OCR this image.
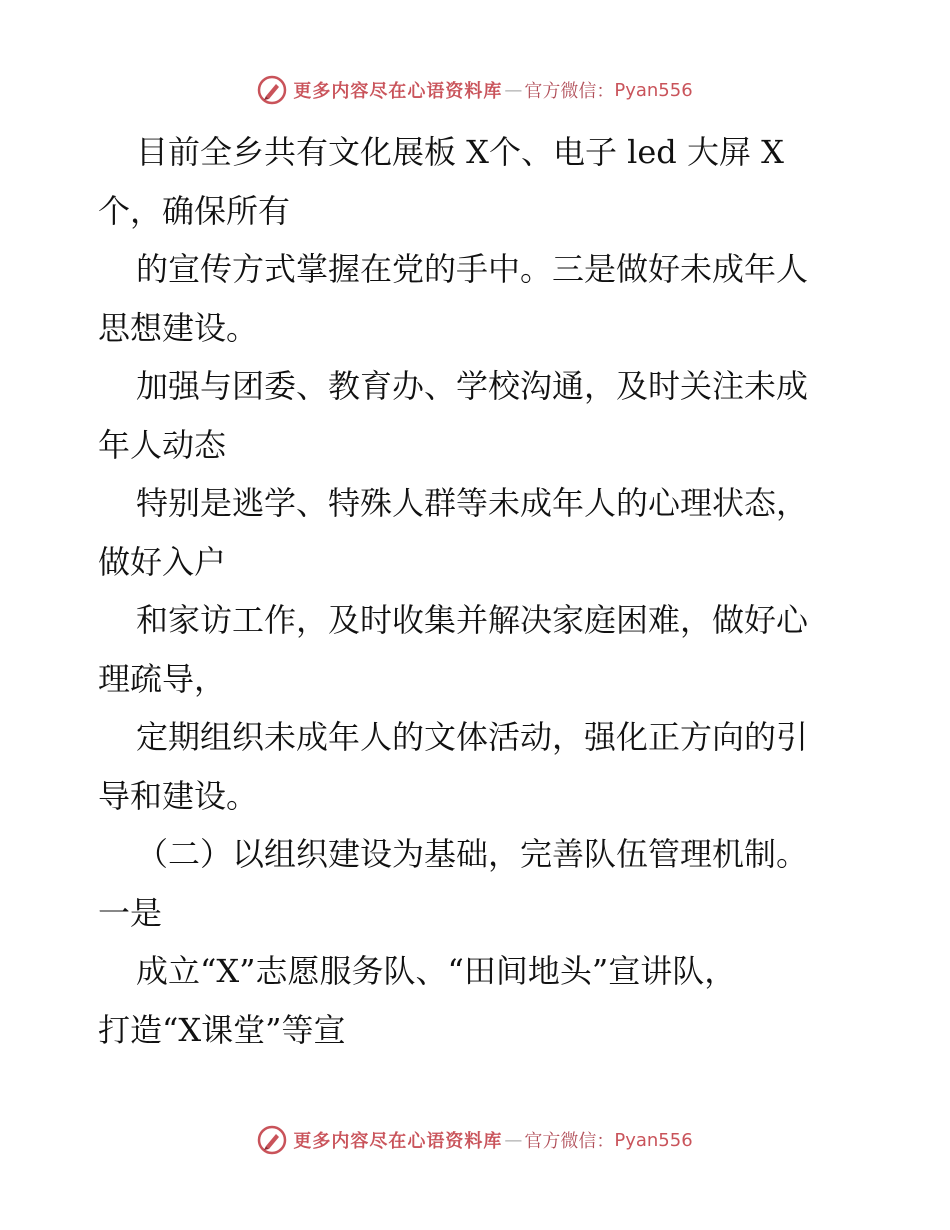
更多内容尽在心语资料库 — 官方微信： Pyan556
目前全乡共有文化展板 X个、电子 led 大屏 X
个，确保所有
的宣传方式掌握在党的手中。三是做好未成年人
思想建设。
加强与团委、教育办、学校沟通，及时关注未成
年人动态
特别是逃学、特殊人群等未成年人的心理状态，
做好入户
和家访工作，及时收集并解决家庭困难，做好心
理疏导，
定期组织未成年人的文体活动，强化正方向的引
导和建设。
（二）以组织建设为基础，完善队伍管理机制。
一是
成立“X”志愿服务队、“田间地头”宣讲队，
打造“X课堂”等宣
更多内容尽在心语资料库 — 官方微信： Pyan556
